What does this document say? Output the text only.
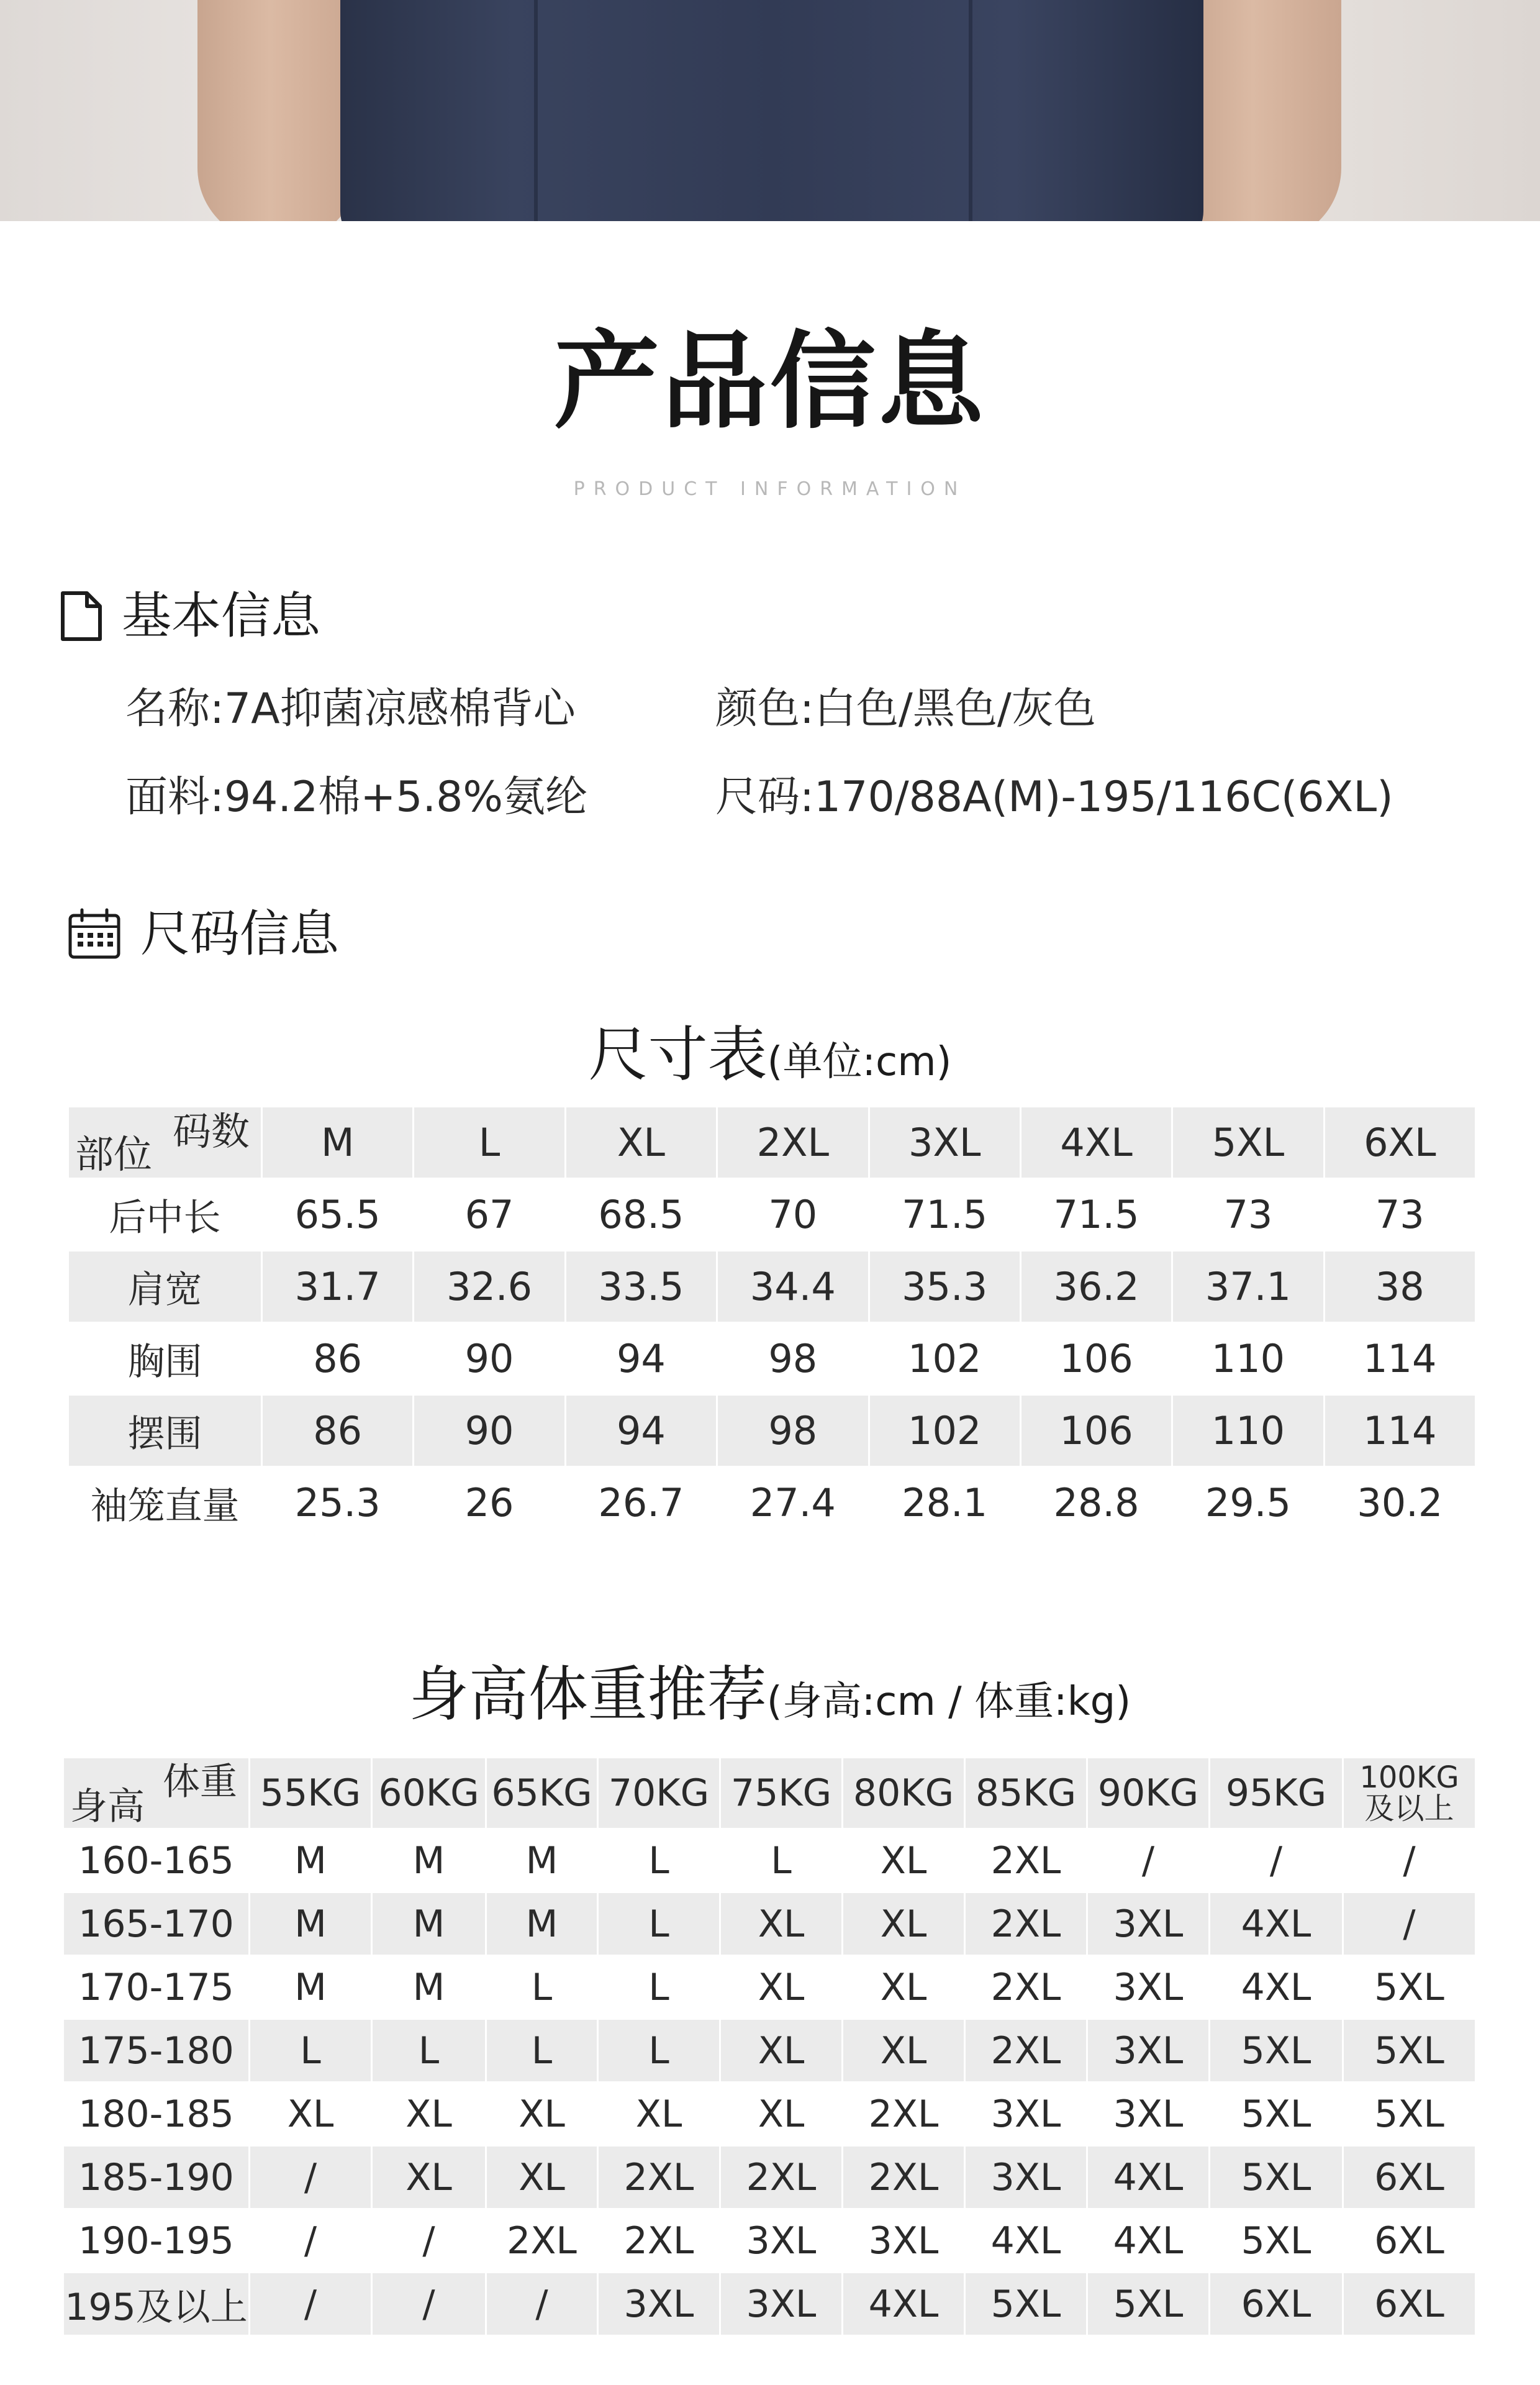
产品信息
PRODUCT INFORMATION
基本信息
名称:7A抑菌凉感棉背心	颜色:白色/黑色/灰色
面料:94.2棉+5.8%氨纶	尺码:170/88A(M)-195/116C(6XL)
尺码信息
尺寸表(单位:cm)
码数
部位	M	L	XL	2XL	3XL	4XL	5XL	6XL
后中长	65.5	67	68.5	70	71.5	71.5	73	73
肩宽	31.7	32.6	33.5	34.4	35.3	36.2	37.1	38
胸围	86	90	94	98	102	106	110	114
摆围	86	90	94	98	102	106	110	114
袖笼直量	25.3	26	26.7	27.4	28.1	28.8	29.5	30.2
身高体重推荐(身高:cm / 体重:kg)
体重
身高	55KG	60KG	65KG	70KG	75KG	80KG	85KG	90KG	95KG	100KG
及以上
160-165	M	M	M	L	L	XL	2XL	/	/	/
165-170	M	M	M	L	XL	XL	2XL	3XL	4XL	/
170-175	M	M	L	L	XL	XL	2XL	3XL	4XL	5XL
175-180	L	L	L	L	XL	XL	2XL	3XL	5XL	5XL
180-185	XL	XL	XL	XL	XL	2XL	3XL	3XL	5XL	5XL
185-190	/	XL	XL	2XL	2XL	2XL	3XL	4XL	5XL	6XL
190-195	/	/	2XL	2XL	3XL	3XL	4XL	4XL	5XL	6XL
195及以上	/	/	/	3XL	3XL	4XL	5XL	5XL	6XL	6XL
